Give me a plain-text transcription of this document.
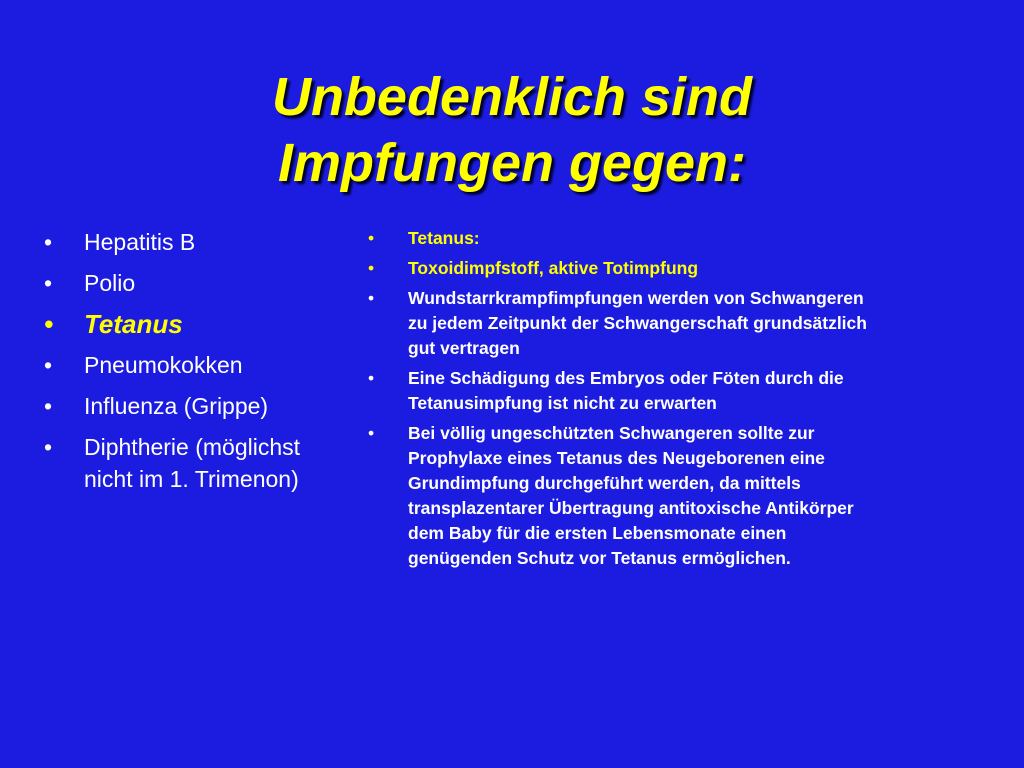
Unbedenklich sind
Impfungen gegen:
• Hepatitis B
• Polio
• Tetanus
• Pneumokokken
• Influenza (Grippe)
• Diphtherie (möglichst nicht im 1. Trimenon)
• Tetanus:
• Toxoidimpfstoff, aktive Totimpfung
• Wundstarrkrampfimpfungen werden von Schwangeren zu jedem Zeitpunkt der Schwangerschaft grundsätzlich gut vertragen
• Eine Schädigung des Embryos oder Föten durch die Tetanusimpfung ist nicht zu erwarten
• Bei völlig ungeschützten Schwangeren sollte zur Prophylaxe eines Tetanus des Neugeborenen eine Grundimpfung durchgeführt werden, da mittels transplazentarer Übertragung antitoxische Antikörper dem Baby für die ersten Lebensmonate einen genügenden Schutz vor Tetanus ermöglichen.
